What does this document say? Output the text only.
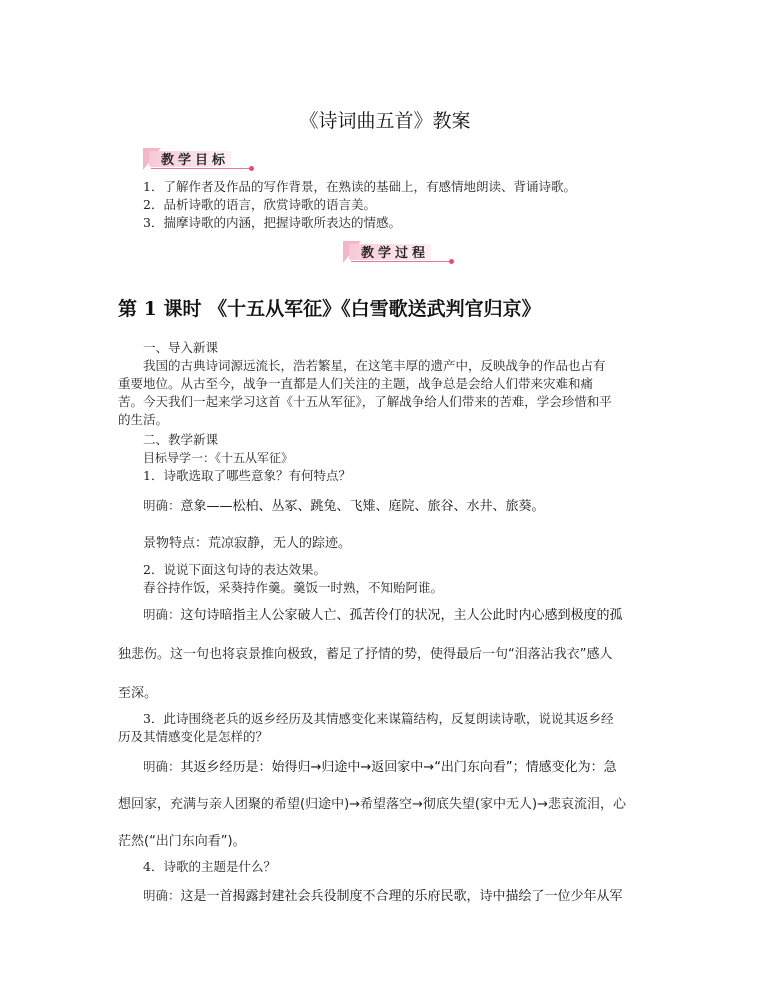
《诗词曲五首》教案
教学目标
1．了解作者及作品的写作背景，在熟读的基础上，有感情地朗读、背诵诗歌。
2．品析诗歌的语言，欣赏诗歌的语言美。
3．揣摩诗歌的内涵，把握诗歌所表达的情感。
教学过程
第 1 课时 《十五从军征》《白雪歌送武判官归京》
一、导入新课
我国的古典诗词源远流长，浩若繁星，在这笔丰厚的遗产中，反映战争的作品也占有
重要地位。从古至今，战争一直都是人们关注的主题，战争总是会给人们带来灾难和痛
苦。今天我们一起来学习这首《十五从军征》，了解战争给人们带来的苦难，学会珍惜和平
的生活。
二、教学新课
目标导学一：《十五从军征》
1．诗歌选取了哪些意象？有何特点？
明确：意象——松柏、丛冢、跳兔、飞雉、庭院、旅谷、水井、旅葵。
景物特点：荒凉寂静，无人的踪迹。
2．说说下面这句诗的表达效果。
春谷持作饭，采葵持作羹。羹饭一时熟，不知贻阿谁。
明确：这句诗暗指主人公家破人亡、孤苦伶仃的状况，主人公此时内心感到极度的孤
独悲伤。这一句也将哀景推向极致，蓄足了抒情的势，使得最后一句“泪落沾我衣”感人
至深。
3．此诗围绕老兵的返乡经历及其情感变化来谋篇结构，反复朗读诗歌，说说其返乡经
历及其情感变化是怎样的？
明确：其返乡经历是：始得归→归途中→返回家中→“出门东向看”；情感变化为：急
想回家，充满与亲人团聚的希望(归途中)→希望落空→彻底失望(家中无人)→悲哀流泪，心
茫然(“出门东向看”)。
4．诗歌的主题是什么？
明确：这是一首揭露封建社会兵役制度不合理的乐府民歌，诗中描绘了一位少年从军
